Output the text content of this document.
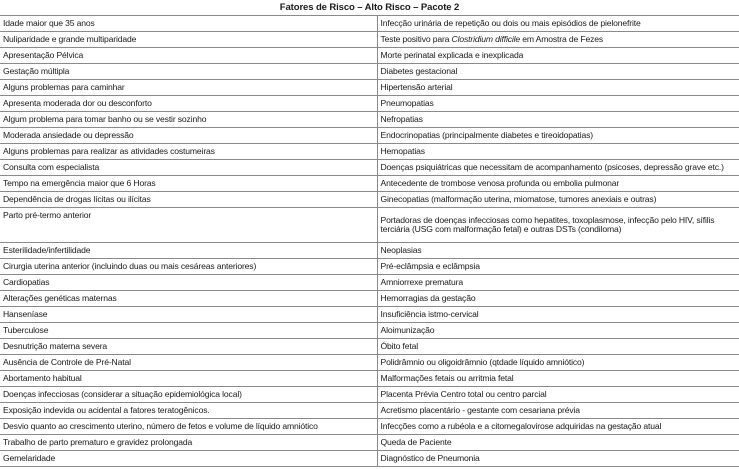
Fatores de Risco – Alto Risco – Pacote 2
Idade maior que 35 anos	Infecção urinária de repetição ou dois ou mais episódios de pielonefrite
Nuliparidade e grande multiparidade	Teste positivo para Clostridium difficile em Amostra de Fezes
Apresentação Pélvica	Morte perinatal explicada e inexplicada
Gestação múltipla	Diabetes gestacional
Alguns problemas para caminhar	Hipertensão arterial
Apresenta moderada dor ou desconforto	Pneumopatias
Algum problema para tomar banho ou se vestir sozinho	Nefropatias
Moderada ansiedade ou depressão	Endocrinopatias (principalmente diabetes e tireoidopatias)
Alguns problemas para realizar as atividades costumeiras	Hemopatias
Consulta com especialista	Doenças psiquiátricas que necessitam de acompanhamento (psicoses, depressão grave etc.)
Tempo na emergência maior que 6 Horas	Antecedente de trombose venosa profunda ou embolia pulmonar
Dependência de drogas lícitas ou ilícitas	Ginecopatias (malformação uterina, miomatose, tumores anexiais e outras)
Parto pré-termo anterior	Portadoras de doenças infecciosas como hepatites, toxoplasmose, infecção pelo HIV, sífilis terciária (USG com malformação fetal) e outras DSTs (condiloma)
Esterilidade/infertilidade	Neoplasias
Cirurgia uterina anterior (incluindo duas ou mais cesáreas anteriores)	Pré-eclâmpsia e eclâmpsia
Cardiopatias	Amniorrexe prematura
Alterações genéticas maternas	Hemorragias da gestação
Hanseníase	Insuficiência istmo-cervical
Tuberculose	Aloimunização
Desnutrição materna severa	Óbito fetal
Ausência de Controle de Pré-Natal	Polidrâmnio ou oligoidrâmnio (qtdade líquido amniótico)
Abortamento habitual	Malformações fetais ou arritmia fetal
Doenças infecciosas (considerar a situação epidemiológica local)	Placenta Prévia Centro total ou centro parcial
Exposição indevida ou acidental a fatores teratogênicos.	Acretismo placentário - gestante com cesariana prévia
Desvio quanto ao crescimento uterino, número de fetos e volume de líquido amniótico	Infecções como a rubéola e a citomegalovirose adquiridas na gestação atual
Trabalho de parto prematuro e gravidez prolongada	Queda de Paciente
Gemelaridade	Diagnóstico de Pneumonia
